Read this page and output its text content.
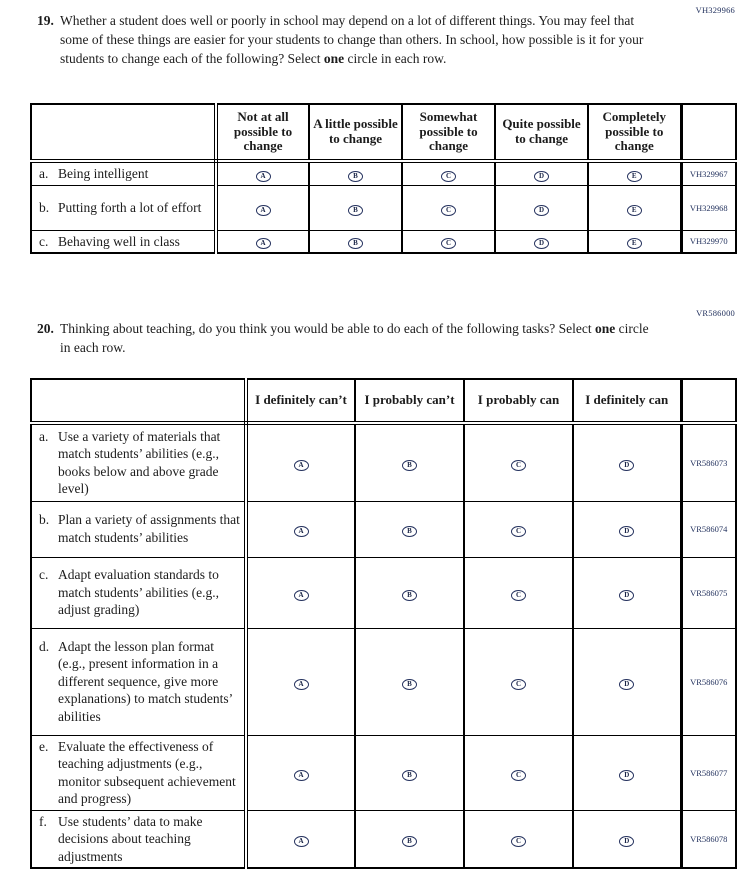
VH329966
19. Whether a student does well or poorly in school may depend on a lot of different things. You may feel that some of these things are easier for your students to change than others. In school, how possible is it for your students to change each of the following? Select one circle in each row.

	Not at all possible to change	A little possible to change	Somewhat possible to change	Quite possible to change	Completely possible to change	

a. Being intelligent	A	B	C	D	E	VH329967

b. Putting forth a lot of effort	A	B	C	D	E	VH329968

c. Behaving well in class	A	B	C	D	E	VH329970
VR586000
20. Thinking about teaching, do you think you would be able to do each of the following tasks? Select one circle in each row.

	I definitely can’t	I probably can’t	I probably can	I definitely can	

a. Use a variety of materials that match students’ abilities (e.g., books below and above grade level)	A	B	C	D	VR586073

b. Plan a variety of assignments that match students’ abilities	A	B	C	D	VR586074

c. Adapt evaluation standards to match students’ abilities (e.g., adjust grading)	A	B	C	D	VR586075

d. Adapt the lesson plan format (e.g., present information in a different sequence, give more explanations) to match students’ abilities	A	B	C	D	VR586076

e. Evaluate the effectiveness of teaching adjustments (e.g., monitor subsequent achievement and progress)	A	B	C	D	VR586077

f. Use students’ data to make decisions about teaching adjustments	A	B	C	D	VR586078
